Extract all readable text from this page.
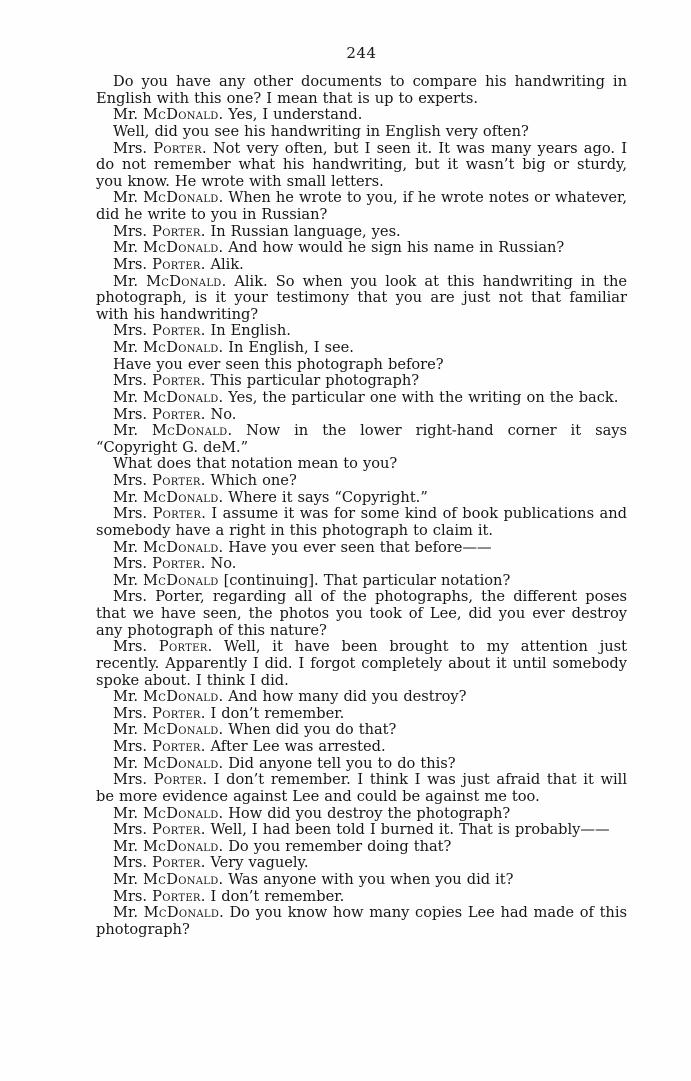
244

Do you have any other documents to compare his handwriting in English with this one? I mean that is up to experts.

Mr. McDonald. Yes, I understand.

Well, did you see his handwriting in English very often?

Mrs. Porter. Not very often, but I seen it. It was many years ago. I do not remember what his handwriting, but it wasn’t big or sturdy, you know. He wrote with small letters.

Mr. McDonald. When he wrote to you, if he wrote notes or whatever, did he write to you in Russian?

Mrs. Porter. In Russian language, yes.

Mr. McDonald. And how would he sign his name in Russian?

Mrs. Porter. Alik.

Mr. McDonald. Alik. So when you look at this handwriting in the photograph, is it your testimony that you are just not that familiar with his handwriting?

Mrs. Porter. In English.

Mr. McDonald. In English, I see.

Have you ever seen this photograph before?

Mrs. Porter. This particular photograph?

Mr. McDonald. Yes, the particular one with the writing on the back.

Mrs. Porter. No.

Mr. McDonald. Now in the lower right-hand corner it says “Copyright G. deM.”

What does that notation mean to you?

Mrs. Porter. Which one?

Mr. McDonald. Where it says “Copyright.”

Mrs. Porter. I assume it was for some kind of book publications and somebody have a right in this photograph to claim it.

Mr. McDonald. Have you ever seen that before——

Mrs. Porter. No.

Mr. McDonald [continuing]. That particular notation?

Mrs. Porter, regarding all of the photographs, the different poses that we have seen, the photos you took of Lee, did you ever destroy any photograph of this nature?

Mrs. Porter. Well, it have been brought to my attention just recently. Apparently I did. I forgot completely about it until somebody spoke about. I think I did.

Mr. McDonald. And how many did you destroy?

Mrs. Porter. I don’t remember.

Mr. McDonald. When did you do that?

Mrs. Porter. After Lee was arrested.

Mr. McDonald. Did anyone tell you to do this?

Mrs. Porter. I don’t remember. I think I was just afraid that it will be more evidence against Lee and could be against me too.

Mr. McDonald. How did you destroy the photograph?

Mrs. Porter. Well, I had been told I burned it. That is probably——

Mr. McDonald. Do you remember doing that?

Mrs. Porter. Very vaguely.

Mr. McDonald. Was anyone with you when you did it?

Mrs. Porter. I don’t remember.

Mr. McDonald. Do you know how many copies Lee had made of this photograph?
